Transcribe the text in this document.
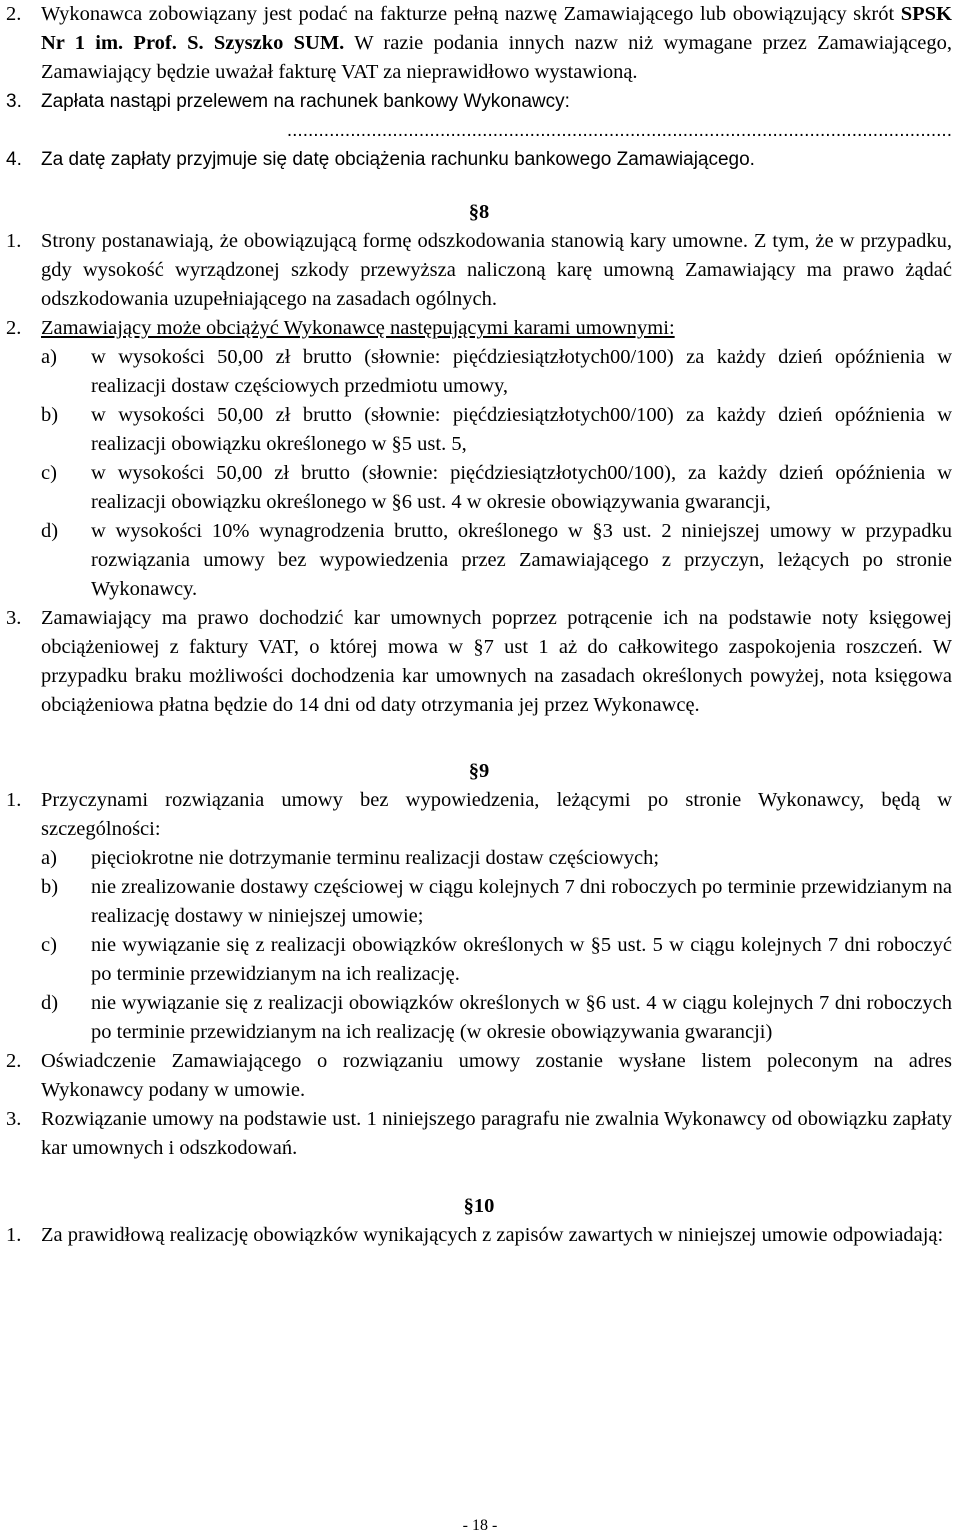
2. Wykonawca zobowiązany jest podać na fakturze pełną nazwę Zamawiającego lub obowiązujący skrót SPSK Nr 1 im. Prof. S. Szyszko SUM. W razie podania innych nazw niż wymagane przez Zamawiającego, Zamawiający będzie uważał fakturę VAT za nieprawidłowo wystawioną.
3.	Zapłata nastąpi przelewem na rachunek bankowy Wykonawcy:
..............................................................................................................................
4.	Za datę zapłaty przyjmuje się datę obciążenia rachunku bankowego Zamawiającego.
§8
1. Strony postanawiają, że obowiązującą formę odszkodowania stanowią kary umowne. Z tym, że w przypadku, gdy wysokość wyrządzonej szkody przewyższa naliczoną karę umowną Zamawiający ma prawo żądać odszkodowania uzupełniającego na zasadach ogólnych.
2. Zamawiający może obciążyć Wykonawcę następującymi karami umownymi:
a)	w wysokości 50,00 zł brutto (słownie: pięćdziesiątzłotych00/100) za każdy dzień opóźnienia w realizacji dostaw częściowych przedmiotu umowy,
b)	w wysokości 50,00 zł brutto (słownie: pięćdziesiątzłotych00/100) za każdy dzień opóźnienia w realizacji obowiązku określonego w §5 ust. 5,
c)	w wysokości 50,00 zł brutto (słownie: pięćdziesiątzłotych00/100), za każdy dzień opóźnienia w realizacji obowiązku określonego w §6 ust. 4 w okresie obowiązywania gwarancji,
d)	w wysokości 10% wynagrodzenia brutto, określonego w §3 ust. 2 niniejszej umowy w przypadku rozwiązania umowy bez wypowiedzenia przez Zamawiającego z przyczyn, leżących po stronie Wykonawcy.
3. Zamawiający ma prawo dochodzić kar umownych poprzez potrącenie ich na podstawie noty księgowej obciążeniowej z faktury VAT, o której mowa w §7 ust 1 aż do całkowitego zaspokojenia roszczeń. W przypadku braku możliwości dochodzenia kar umownych na zasadach określonych powyżej, nota księgowa obciążeniowa płatna będzie do 14 dni od daty otrzymania jej przez Wykonawcę.
§9
1. Przyczynami rozwiązania umowy bez wypowiedzenia, leżącymi po stronie Wykonawcy, będą w szczególności:
a)	pięciokrotne nie dotrzymanie terminu realizacji dostaw częściowych;
b)	nie zrealizowanie dostawy częściowej w ciągu kolejnych 7 dni roboczych po terminie przewidzianym na realizację dostawy w niniejszej umowie;
c)	nie wywiązanie się z realizacji obowiązków określonych w §5 ust. 5 w ciągu kolejnych 7 dni roboczyć po terminie przewidzianym na ich realizację.
d)	nie wywiązanie się z realizacji obowiązków określonych w §6 ust. 4 w ciągu kolejnych 7 dni roboczych po terminie przewidzianym na ich realizację (w okresie obowiązywania gwarancji)
2. Oświadczenie Zamawiającego o rozwiązaniu umowy zostanie wysłane listem poleconym na adres Wykonawcy podany w umowie.
3. Rozwiązanie umowy na podstawie ust. 1 niniejszego paragrafu nie zwalnia Wykonawcy od obowiązku zapłaty kar umownych i odszkodowań.
§10
1. Za prawidłową realizację obowiązków wynikających z zapisów zawartych w niniejszej umowie odpowiadają:
- 18 -
